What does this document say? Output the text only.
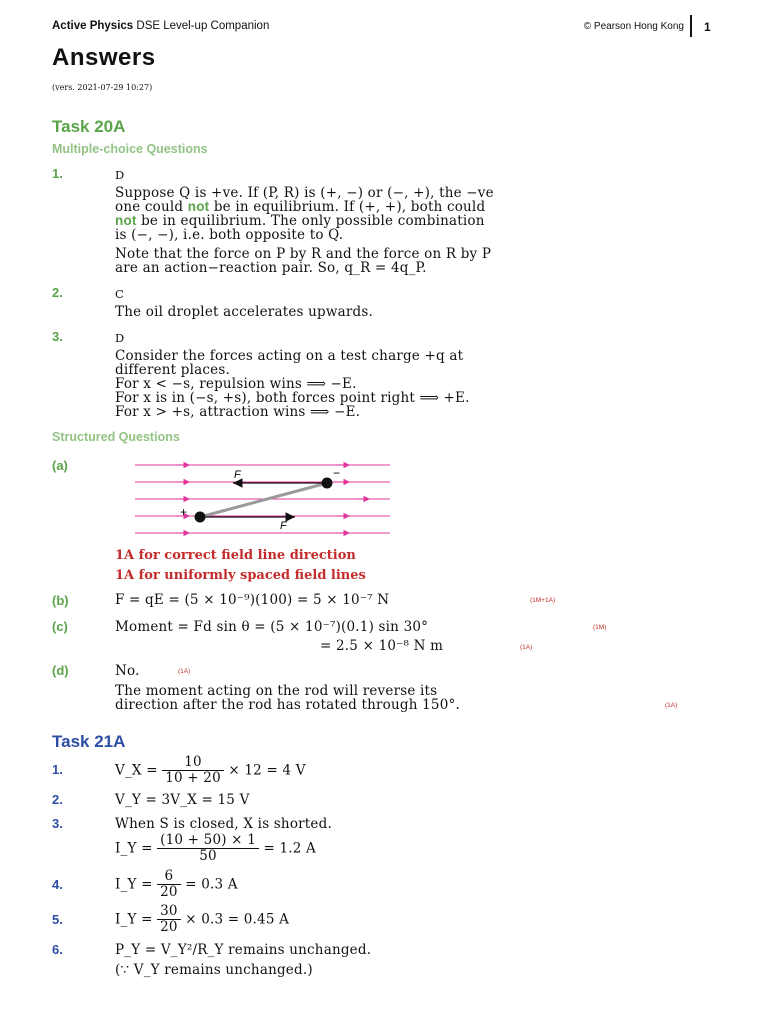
Active Physics DSE Level-up Companion	© Pearson Hong Kong 1
Answers
(vers. 2021-07-29 10:27)
Task 20A
Multiple-choice Questions
1.	D
Suppose Q is +ve. If (P, R) is (+, −) or (−, +), the −ve
one could not be in equilibrium. If (+, +), both could
not be in equilibrium. The only possible combination
is (−, −), i.e. both opposite to Q.
Note that the force on P by R and the force on R by P
are an action−reaction pair. So, q_R = 4q_P.
2.	C
The oil droplet accelerates upwards.
3.	D
Consider the forces acting on a test charge +q at
different places.
For x < −s, repulsion wins ⟹ −E.
For x is in (−s, +s), both forces point right ⟹ +E.
For x > +s, attraction wins ⟹ −E.
Structured Questions
(a)
F
F
−
+
1A for correct field line direction
1A for uniformly spaced field lines
(b)	F = qE = (5 × 10⁻⁹)(100) = 5 × 10⁻⁷ N	(1M+1A)
(c)	Moment = Fd sin θ = (5 × 10⁻⁷)(0.1) sin 30°	(1M)
= 2.5 × 10⁻⁸ N m	(1A)
(d)	No.	(1A)
The moment acting on the rod will reverse its
direction after the rod has rotated through 150°.	(1A)
Task 21A
1.	V_X = $\frac{10}{10 + 20} \times 12 = 4$ V
2.	V_Y = 3V_X = 15 V
3.	When S is closed, X is shorted.
I_Y = $\frac{(10 + 50) \times 1}{50} = 1.2$ A
4.	I_Y = $\frac{6}{20} = 0.3$ A
5.	I_Y = $\frac{30}{20} \times 0.3 = 0.45$ A
6.	P_Y = V_Y²/R_Y remains unchanged.
(∵ V_Y remains unchanged.)
